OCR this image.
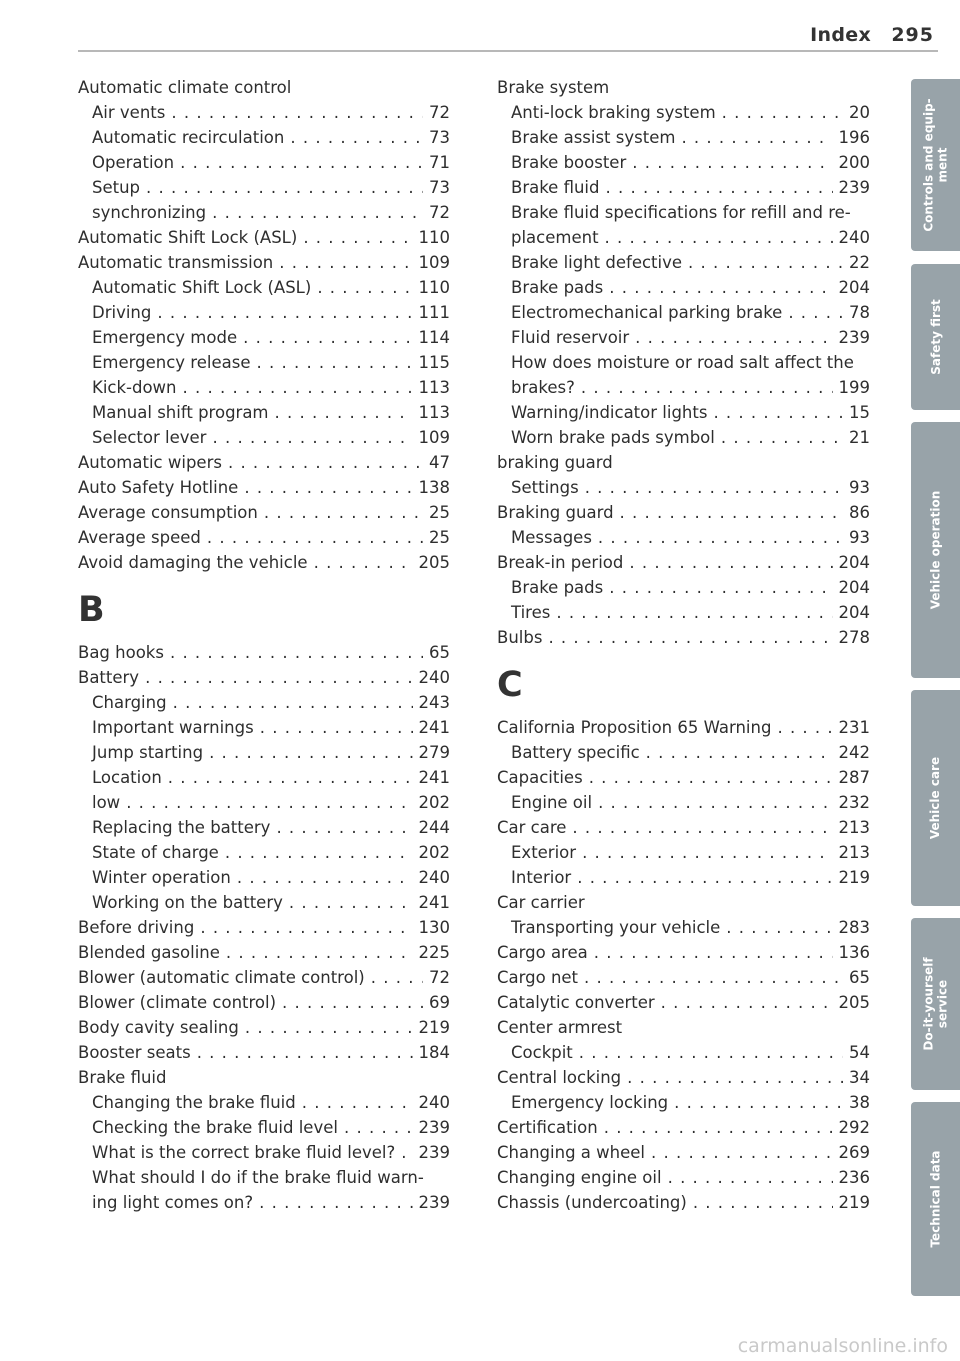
Index 295
Automatic climate control
Air vents . . .	72
Automatic recirculation . . .	73
Operation . . .	71
Setup . . .	73
synchronizing . . .	72
Automatic Shift Lock (ASL) . . .	110
Automatic transmission . . .	109
Automatic Shift Lock (ASL) . . .	110
Driving . . .	111
Emergency mode . . .	114
Emergency release . . .	115
Kick-down . . .	113
Manual shift program . . .	113
Selector lever . . .	109
Automatic wipers . . .	47
Auto Safety Hotline . . .	138
Average consumption . . .	25
Average speed . . .	25
Avoid damaging the vehicle . . .	205
B
Bag hooks . . .	65
Battery . . .	240
Charging . . .	243
Important warnings . . .	241
Jump starting . . .	279
Location . . .	241
low . . .	202
Replacing the battery . . .	244
State of charge . . .	202
Winter operation . . .	240
Working on the battery . . .	241
Before driving . . .	130
Blended gasoline . . .	225
Blower (automatic climate control) . . .	72
Blower (climate control) . . .	69
Body cavity sealing . . .	219
Booster seats . . .	184
Brake fluid
Changing the brake fluid . . .	240
Checking the brake fluid level . . .	239
What is the correct brake fluid level? . . . 239
What should I do if the brake fluid warn-
ing light comes on? . . .	239
Brake system
Anti-lock braking system . . .	20
Brake assist system . . .	196
Brake booster . . .	200
Brake fluid . . .	239
Brake fluid specifications for refill and re-
placement . . .	240
Brake light defective . . .	22
Brake pads . . .	204
Electromechanical parking brake . . .	78
Fluid reservoir . . .	239
How does moisture or road salt affect the
brakes? . . .	199
Warning/indicator lights . . .	15
Worn brake pads symbol . . .	21
braking guard
Settings . . .	93
Braking guard . . .	86
Messages . . .	93
Break-in period . . .	204
Brake pads . . .	204
Tires . . .	204
Bulbs . . .	278
C
California Proposition 65 Warning . . .	231
Battery specific . . .	242
Capacities . . .	287
Engine oil . . .	232
Car care . . .	213
Exterior . . .	213
Interior . . .	219
Car carrier
Transporting your vehicle . . .	283
Cargo area . . .	136
Cargo net . . .	65
Catalytic converter . . .	205
Center armrest
Cockpit . . .	54
Central locking . . .	34
Emergency locking . . .	38
Certification . . .	292
Changing a wheel . . .	269
Changing engine oil . . .	236
Chassis (undercoating) . . .	219
Controls and equip-
ment
Safety first
Vehicle operation
Vehicle care
Do-it-yourself
service
Technical data
carmanualsonline.info
